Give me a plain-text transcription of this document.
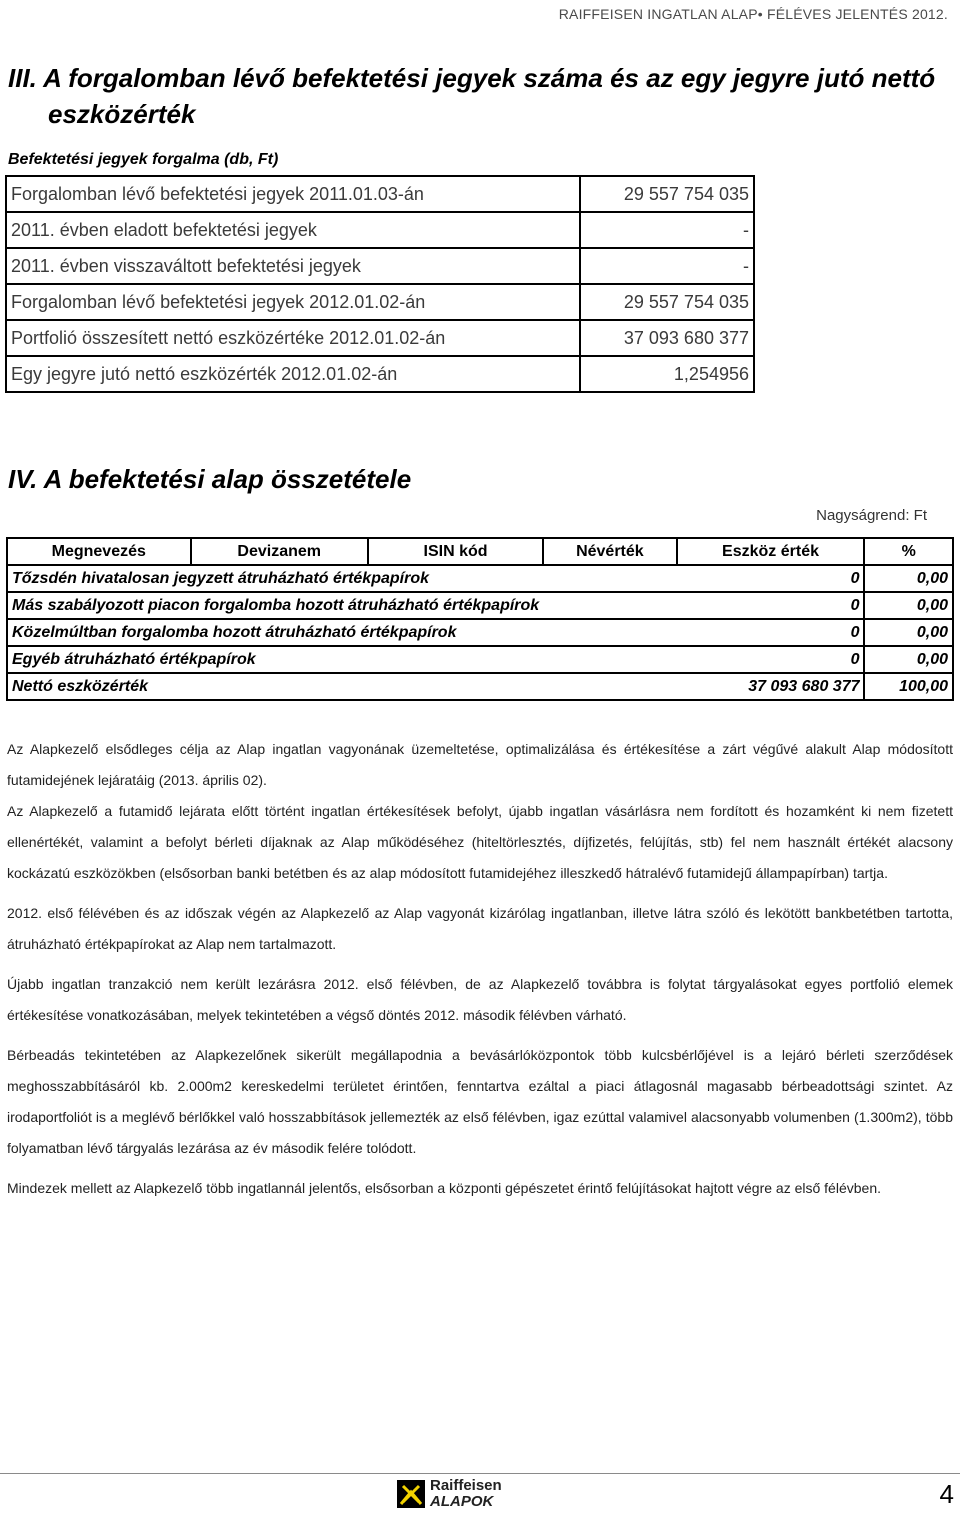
RAIFFEISEN INGATLAN ALAP• FÉLÉVES JELENTÉS 2012.
III. A forgalomban lévő befektetési jegyek száma és az egy jegyre jutó nettó
eszközérték
Befektetési jegyek forgalma (db, Ft)
Forgalomban lévő befektetési jegyek 2011.01.03-án	29 557 754 035
2011. évben eladott befektetési jegyek	-
2011. évben visszaváltott befektetési jegyek	-
Forgalomban lévő befektetési jegyek 2012.01.02-án	29 557 754 035
Portfolió összesített nettó eszközértéke 2012.01.02-án	37 093 680 377
Egy jegyre jutó nettó eszközérték 2012.01.02-án	1,254956
IV. A befektetési alap összetétele
Nagyságrend: Ft
Megnevezés	Devizanem	ISIN kód	Névérték	Eszköz érték	%
Tőzsdén hivatalosan jegyzett átruházható értékpapírok				0	0,00
Más szabályozott piacon forgalomba hozott átruházható értékpapírok				0	0,00
Közelmúltban forgalomba hozott átruházható értékpapírok				0	0,00
Egyéb átruházható értékpapírok				0	0,00
Nettó eszközérték				37 093 680 377	100,00

Az Alapkezelő elsődleges célja az Alap ingatlan vagyonának üzemeltetése, optimalizálása és értékesítése a zárt végűvé alakult Alap módosított futamidejének lejáratáig (2013. április 02).

Az Alapkezelő a futamidő lejárata előtt történt ingatlan értékesítések befolyt, újabb ingatlan vásárlásra nem fordított és hozamként ki nem fizetett ellenértékét, valamint a befolyt bérleti díjaknak az Alap működéséhez (hiteltörlesztés, díjfizetés, felújítás, stb) fel nem használt értékét alacsony kockázatú eszközökben (elsősorban banki betétben és az alap módosított futamidejéhez illeszkedő hátralévő futamidejű állampapírban) tartja.

2012. első félévében és az időszak végén az Alapkezelő az Alap vagyonát kizárólag ingatlanban, illetve látra szóló és lekötött bankbetétben tartotta, átruházható értékpapírokat az Alap nem tartalmazott.

Újabb ingatlan tranzakció nem került lezárásra 2012. első félévben, de az Alapkezelő továbbra is folytat tárgyalásokat egyes portfolió elemek értékesítése vonatkozásában, melyek tekintetében a végső döntés 2012. második félévben várható.

Bérbeadás tekintetében az Alapkezelőnek sikerült megállapodnia a bevásárlóközpontok több kulcsbérlőjével is a lejáró bérleti szerződések meghosszabbításáról kb. 2.000m2 kereskedelmi területet érintően, fenntartva ezáltal a piaci átlagosnál magasabb bérbeadottsági szintet. Az irodaportfoliót is a meglévő bérlőkkel való hosszabbítások jellemezték az első félévben, igaz ezúttal valamivel alacsonyabb volumenben (1.300m2), több folyamatban lévő tárgyalás lezárása az év második felére tolódott.

Mindezek mellett az Alapkezelő több ingatlannál jelentős, elsősorban a központi gépészetet érintő felújításokat hajtott végre az első félévben.

Raiffeisen
ALAPOK	4
